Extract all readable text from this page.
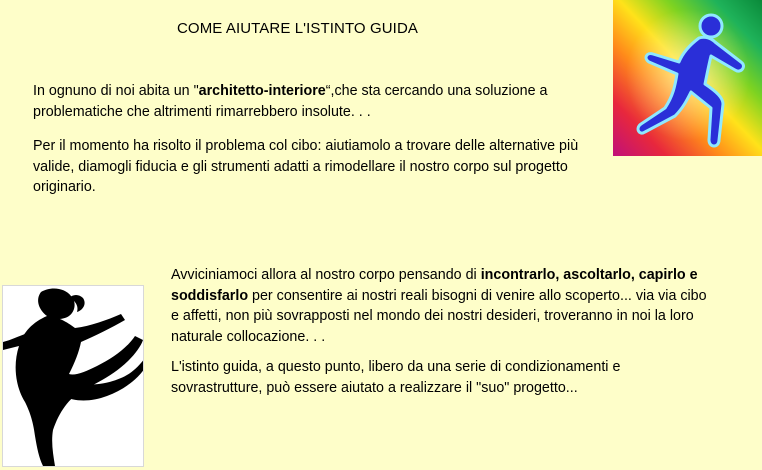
COME AIUTARE L'ISTINTO GUIDA
In ognuno di noi abita un "architetto-interiore“,che sta cercando una soluzione a problematiche che altrimenti rimarrebbero insolute. . .
Per il momento ha risolto il problema col cibo: aiutiamolo a trovare delle alternative più valide, diamogli fiducia e gli strumenti adatti a rimodellare il nostro corpo sul progetto originario.
Avviciniamoci allora al nostro corpo pensando di incontrarlo, ascoltarlo, capirlo e soddisfarlo per consentire ai nostri reali bisogni di venire allo scoperto... via via cibo e affetti, non più sovrapposti nel mondo dei nostri desideri, troveranno in noi la loro naturale collocazione. . .
L'istinto guida, a questo punto, libero da una serie di condizionamenti e sovrastrutture, può essere aiutato a realizzare il "suo" progetto...
